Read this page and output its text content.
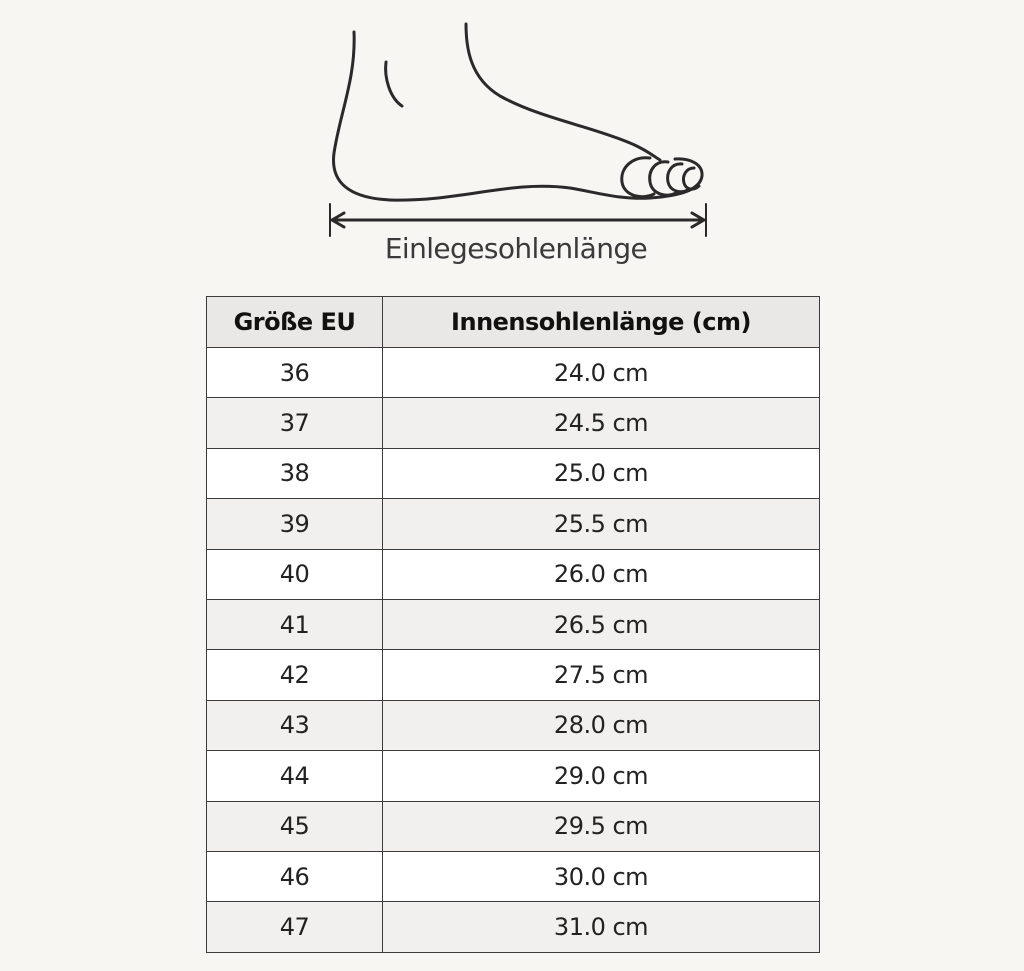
Einlegesohlenlänge
Größe EU	Innensohlenlänge (cm)
36	24.0 cm
37	24.5 cm
38	25.0 cm
39	25.5 cm
40	26.0 cm
41	26.5 cm
42	27.5 cm
43	28.0 cm
44	29.0 cm
45	29.5 cm
46	30.0 cm
47	31.0 cm
